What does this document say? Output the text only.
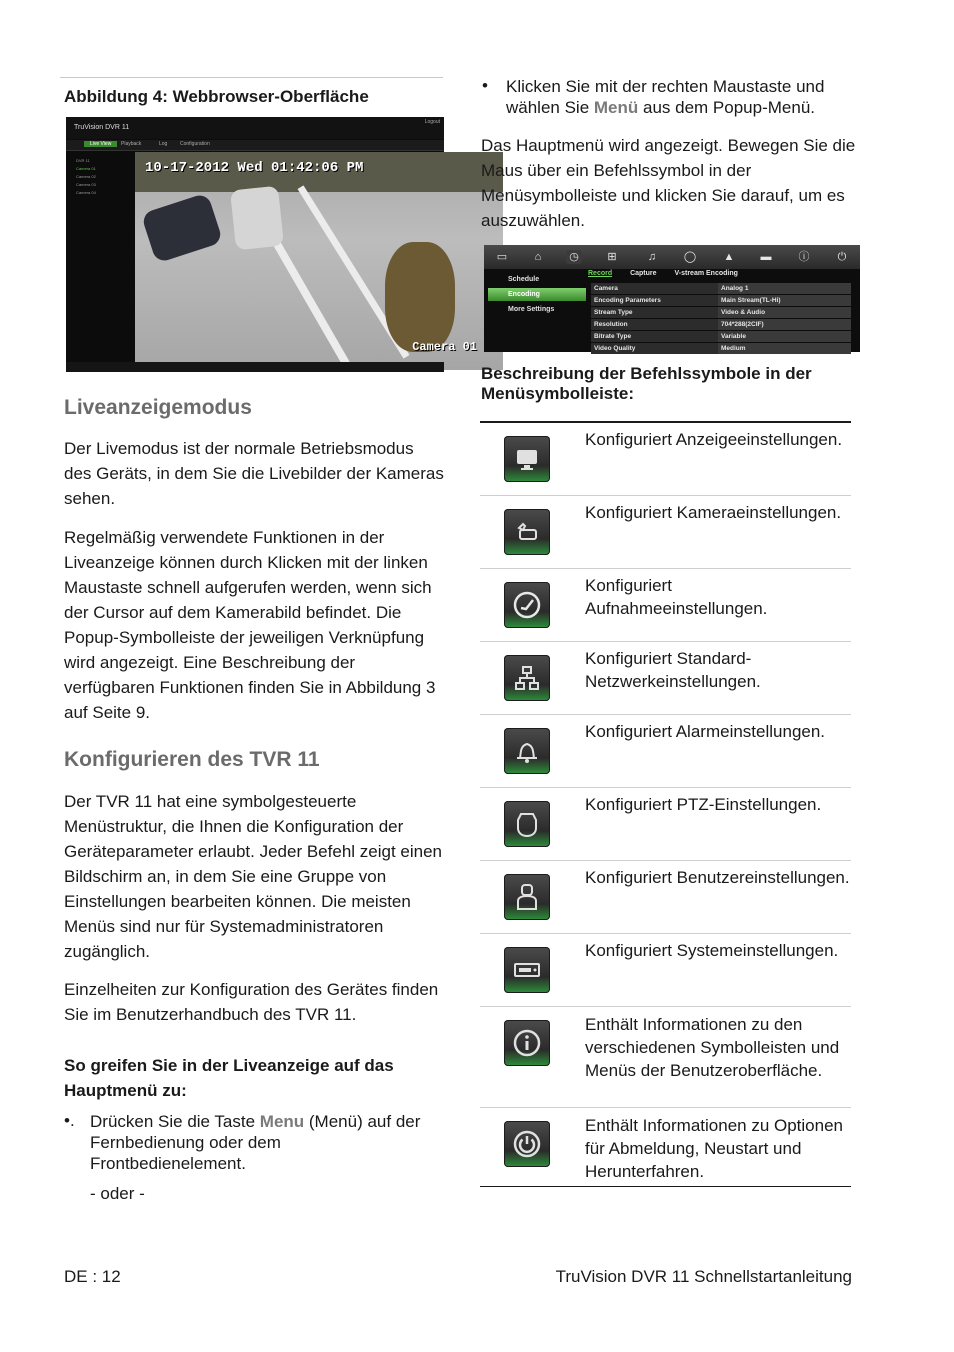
Abbildung 4: Webbrowser-Oberfläche
TruVision DVR 11
Logout
Live View	Playback	Log	Configuration
DVR 11
Camera 01
Camera 02
Camera 03
Camera 04
10-17-2012 Wed 01:42:06 PM
Camera 01
Liveanzeigemodus

Der Livemodus ist der normale Betriebsmodus des Geräts, in dem Sie die Livebilder der Kameras sehen.

Regelmäßig verwendete Funktionen in der Liveanzeige können durch Klicken mit der linken Maustaste schnell aufgerufen werden, wenn sich der Cursor auf dem Kamerabild befindet. Die Popup-Symbolleiste der jeweiligen Verknüpfung wird angezeigt. Eine Beschreibung der verfügbaren Funktionen finden Sie in Abbildung 3 auf Seite 9.

Konfigurieren des TVR 11

Der TVR 11 hat eine symbolgesteuerte Menüstruktur, die Ihnen die Konfiguration der Geräteparameter erlaubt. Jeder Befehl zeigt einen Bildschirm an, in dem Sie eine Gruppe von Einstellungen bearbeiten können. Die meisten Menüs sind nur für Systemadministratoren zugänglich.

Einzelheiten zur Konfiguration des Gerätes finden Sie im Benutzerhandbuch des TVR 11.

So greifen Sie in der Liveanzeige auf das Hauptmenü zu:

•. Drücken Sie die Taste Menu (Menü) auf der Fernbedienung oder dem Frontbedienelement.

- oder -
• Klicken Sie mit der rechten Maustaste und wählen Sie Menü aus dem Popup-Menü.

Das Hauptmenü wird angezeigt. Bewegen Sie die Maus über ein Befehlssymbol in der Menüsymbolleiste und klicken Sie darauf, um es auszuwählen.

▭	⌂	◷	⊞	♫	◯ ▲ ▬ ⓘ	⏻
Schedule
Encoding
More Settings
Record	Capture	V-stream Encoding
Camera	Analog 1
Encoding Parameters	Main Stream(TL-Hi)
Stream Type	Video & Audio
Resolution	704*288(2CIF)
Bitrate Type	Variable
Video Quality	Medium

Beschreibung der Befehlssymbole in der Menüsymbolleiste:

Konfiguriert Anzeigeeinstellungen.
Konfiguriert Kameraeinstellungen.
Konfiguriert Aufnahmeeinstellungen.
Konfiguriert Standard-Netzwerkeinstellungen.
Konfiguriert Alarmeinstellungen.
Konfiguriert PTZ-Einstellungen.
Konfiguriert Benutzereinstellungen.
Konfiguriert Systemeinstellungen.
Enthält Informationen zu den verschiedenen Symbolleisten und Menüs der Benutzeroberfläche.
Enthält Informationen zu Optionen für Abmeldung, Neustart und Herunterfahren.
DE : 12	TruVision DVR 11 Schnellstartanleitung
